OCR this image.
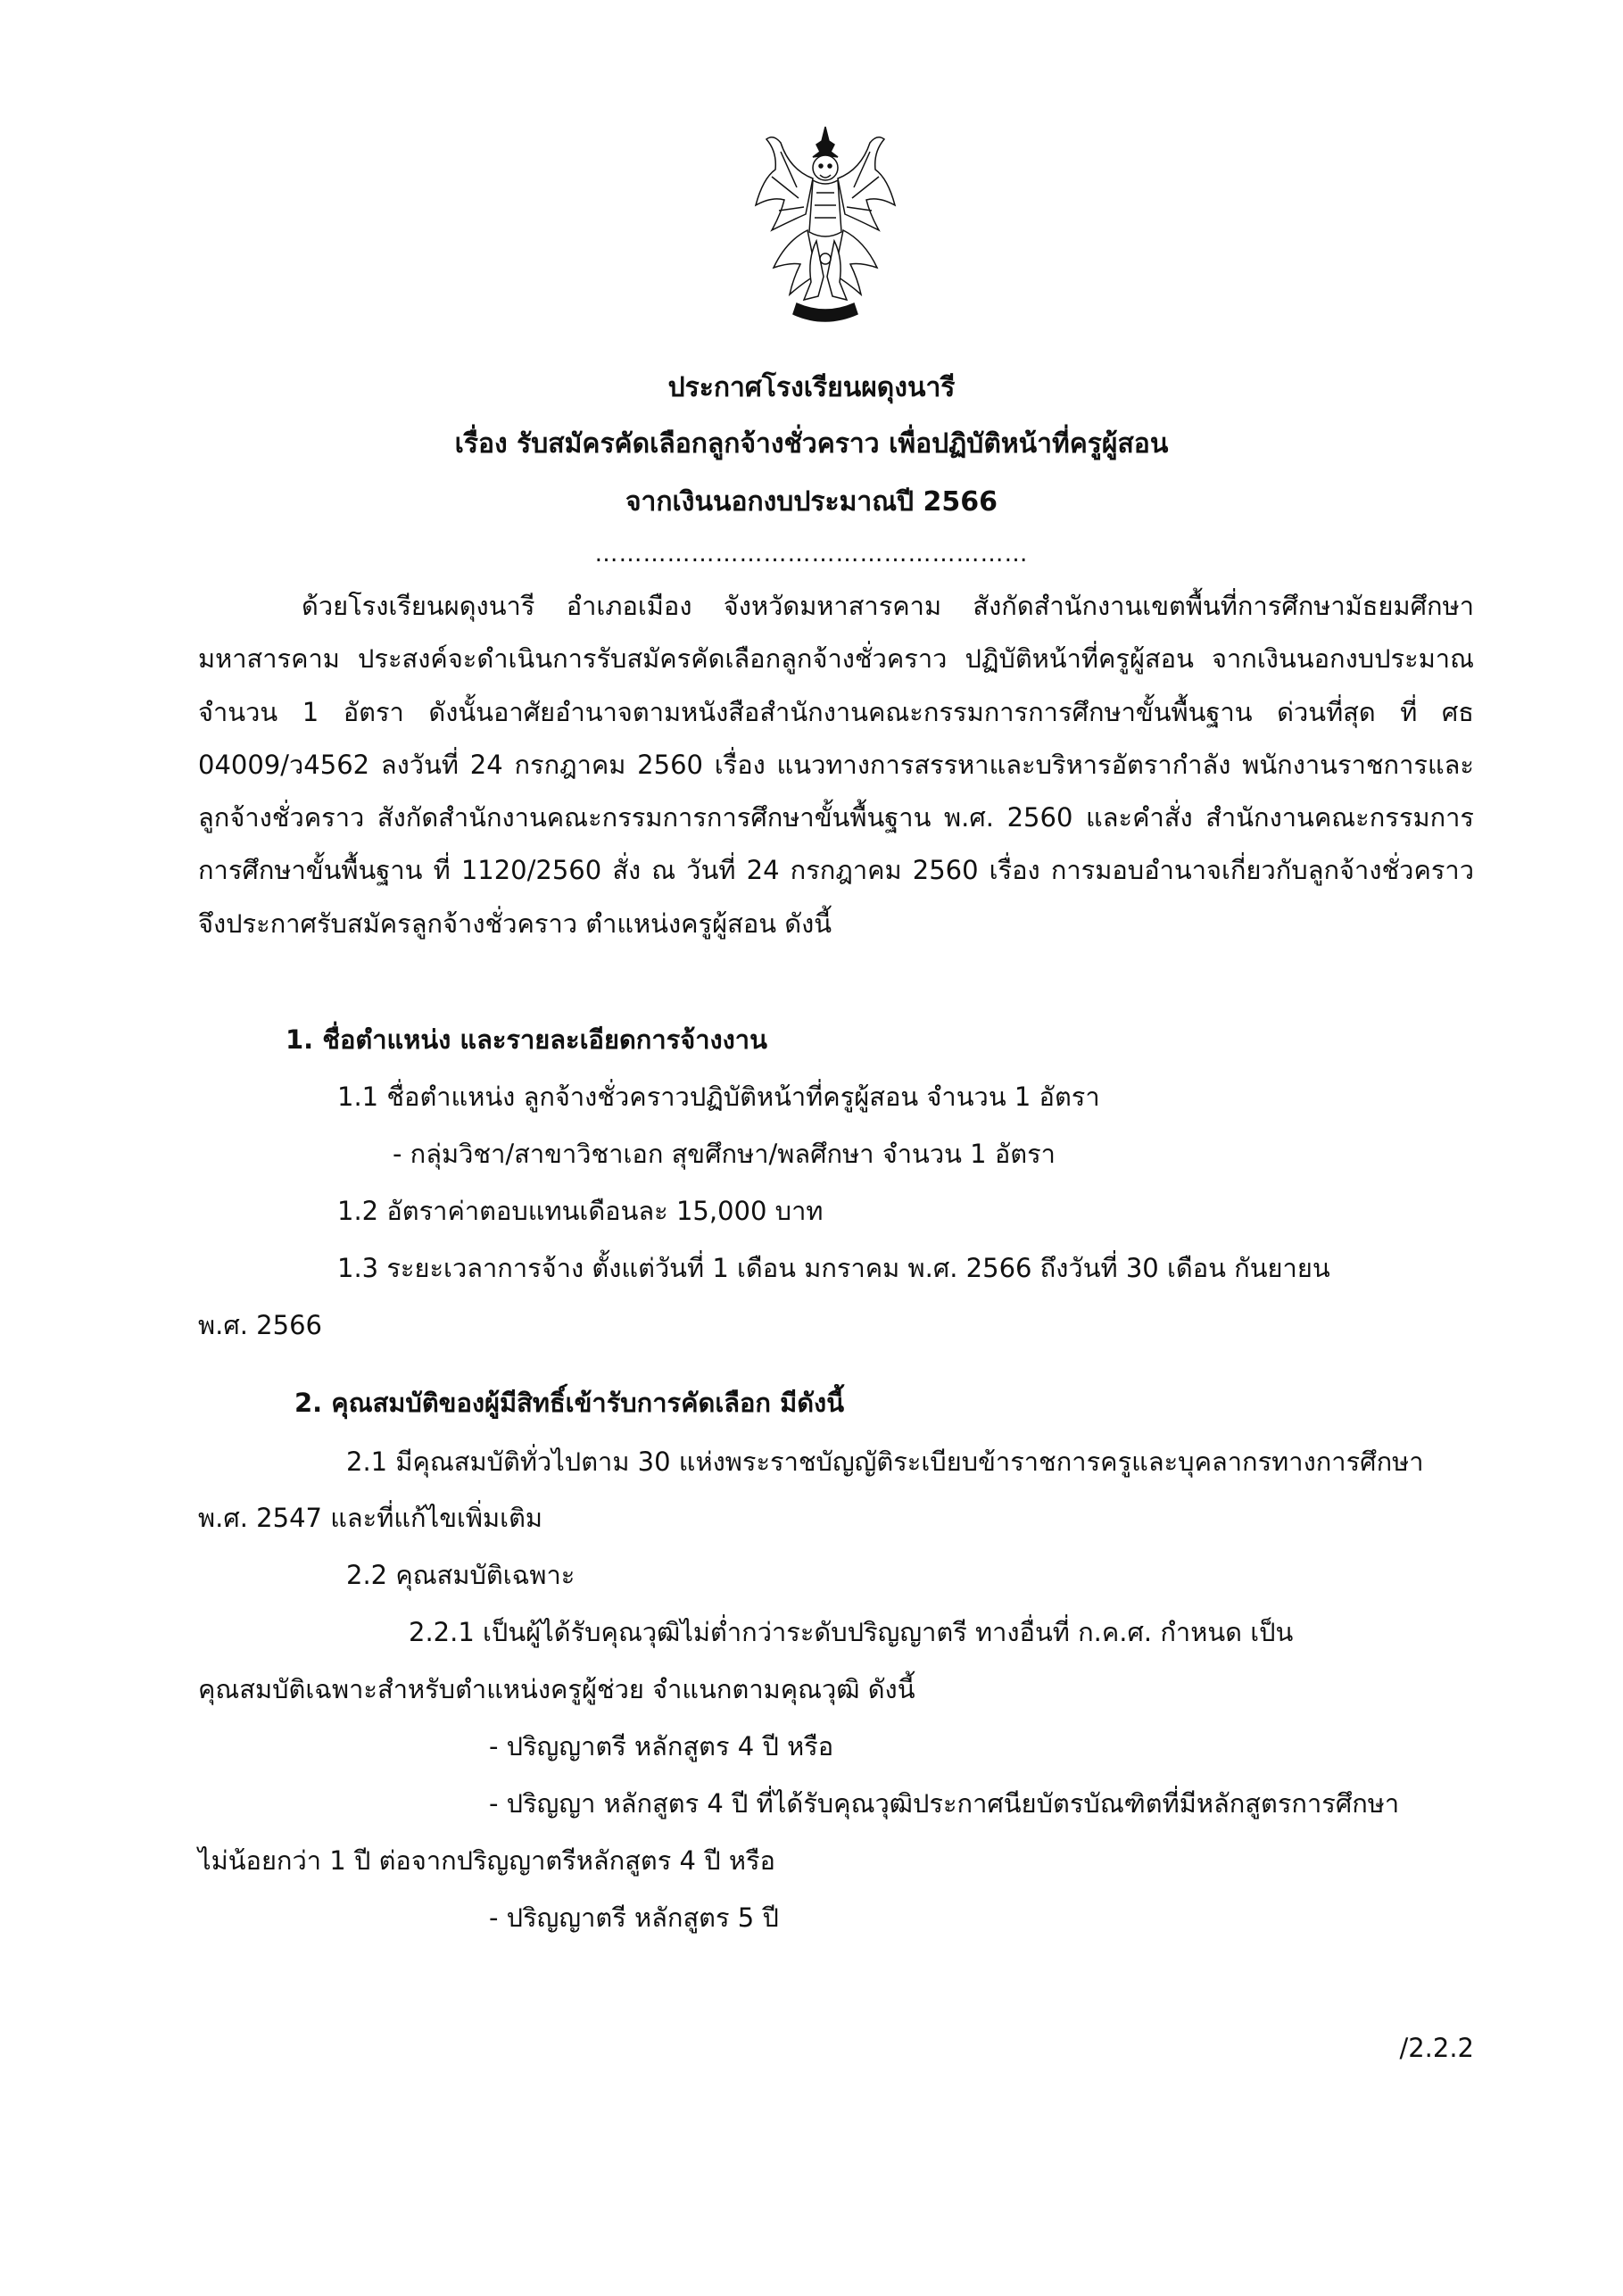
ประกาศโรงเรียนผดุงนารี
เรื่อง รับสมัครคัดเลือกลูกจ้างชั่วคราว เพื่อปฏิบัติหน้าที่ครูผู้สอน
จากเงินนอกงบประมาณปี 2566
………………………………………………
ด้วยโรงเรียนผดุงนารี อำเภอเมือง จังหวัดมหาสารคาม สังกัดสำนักงานเขตพื้นที่การศึกษามัธยมศึกษามหาสารคาม ประสงค์จะดำเนินการรับสมัครคัดเลือกลูกจ้างชั่วคราว ปฏิบัติหน้าที่ครูผู้สอน จากเงินนอกงบประมาณ จำนวน 1 อัตรา ดังนั้นอาศัยอำนาจตามหนังสือสำนักงานคณะกรรมการการศึกษาขั้นพื้นฐาน ด่วนที่สุด ที่ ศธ 04009/ว4562 ลงวันที่ 24 กรกฎาคม 2560 เรื่อง แนวทางการสรรหาและบริหารอัตรากำลัง พนักงานราชการและลูกจ้างชั่วคราว สังกัดสำนักงานคณะกรรมการการศึกษาขั้นพื้นฐาน พ.ศ. 2560 และคำสั่ง สำนักงานคณะกรรมการการศึกษาขั้นพื้นฐาน ที่ 1120/2560 สั่ง ณ วันที่ 24 กรกฎาคม 2560 เรื่อง การมอบอำนาจเกี่ยวกับลูกจ้างชั่วคราว จึงประกาศรับสมัครลูกจ้างชั่วคราว ตำแหน่งครูผู้สอน ดังนี้
1. ชื่อตำแหน่ง และรายละเอียดการจ้างงาน
1.1 ชื่อตำแหน่ง ลูกจ้างชั่วคราวปฏิบัติหน้าที่ครูผู้สอน จำนวน 1 อัตรา
- กลุ่มวิชา/สาขาวิชาเอก สุขศึกษา/พลศึกษา จำนวน 1 อัตรา
1.2 อัตราค่าตอบแทนเดือนละ 15,000 บาท
1.3 ระยะเวลาการจ้าง ตั้งแต่วันที่ 1 เดือน มกราคม พ.ศ. 2566 ถึงวันที่ 30 เดือน กันยายน
พ.ศ. 2566
2. คุณสมบัติของผู้มีสิทธิ์เข้ารับการคัดเลือก มีดังนี้
2.1 มีคุณสมบัติทั่วไปตาม 30 แห่งพระราชบัญญัติระเบียบข้าราชการครูและบุคลากรทางการศึกษา
พ.ศ. 2547 และที่แก้ไขเพิ่มเติม
2.2 คุณสมบัติเฉพาะ
2.2.1 เป็นผู้ได้รับคุณวุฒิไม่ต่ำกว่าระดับปริญญาตรี ทางอื่นที่ ก.ค.ศ. กำหนด เป็น
คุณสมบัติเฉพาะสำหรับตำแหน่งครูผู้ช่วย จำแนกตามคุณวุฒิ ดังนี้
- ปริญญาตรี หลักสูตร 4 ปี หรือ
- ปริญญา หลักสูตร 4 ปี ที่ได้รับคุณวุฒิประกาศนียบัตรบัณฑิตที่มีหลักสูตรการศึกษา
ไม่น้อยกว่า 1 ปี ต่อจากปริญญาตรีหลักสูตร 4 ปี หรือ
- ปริญญาตรี หลักสูตร 5 ปี
/2.2.2
